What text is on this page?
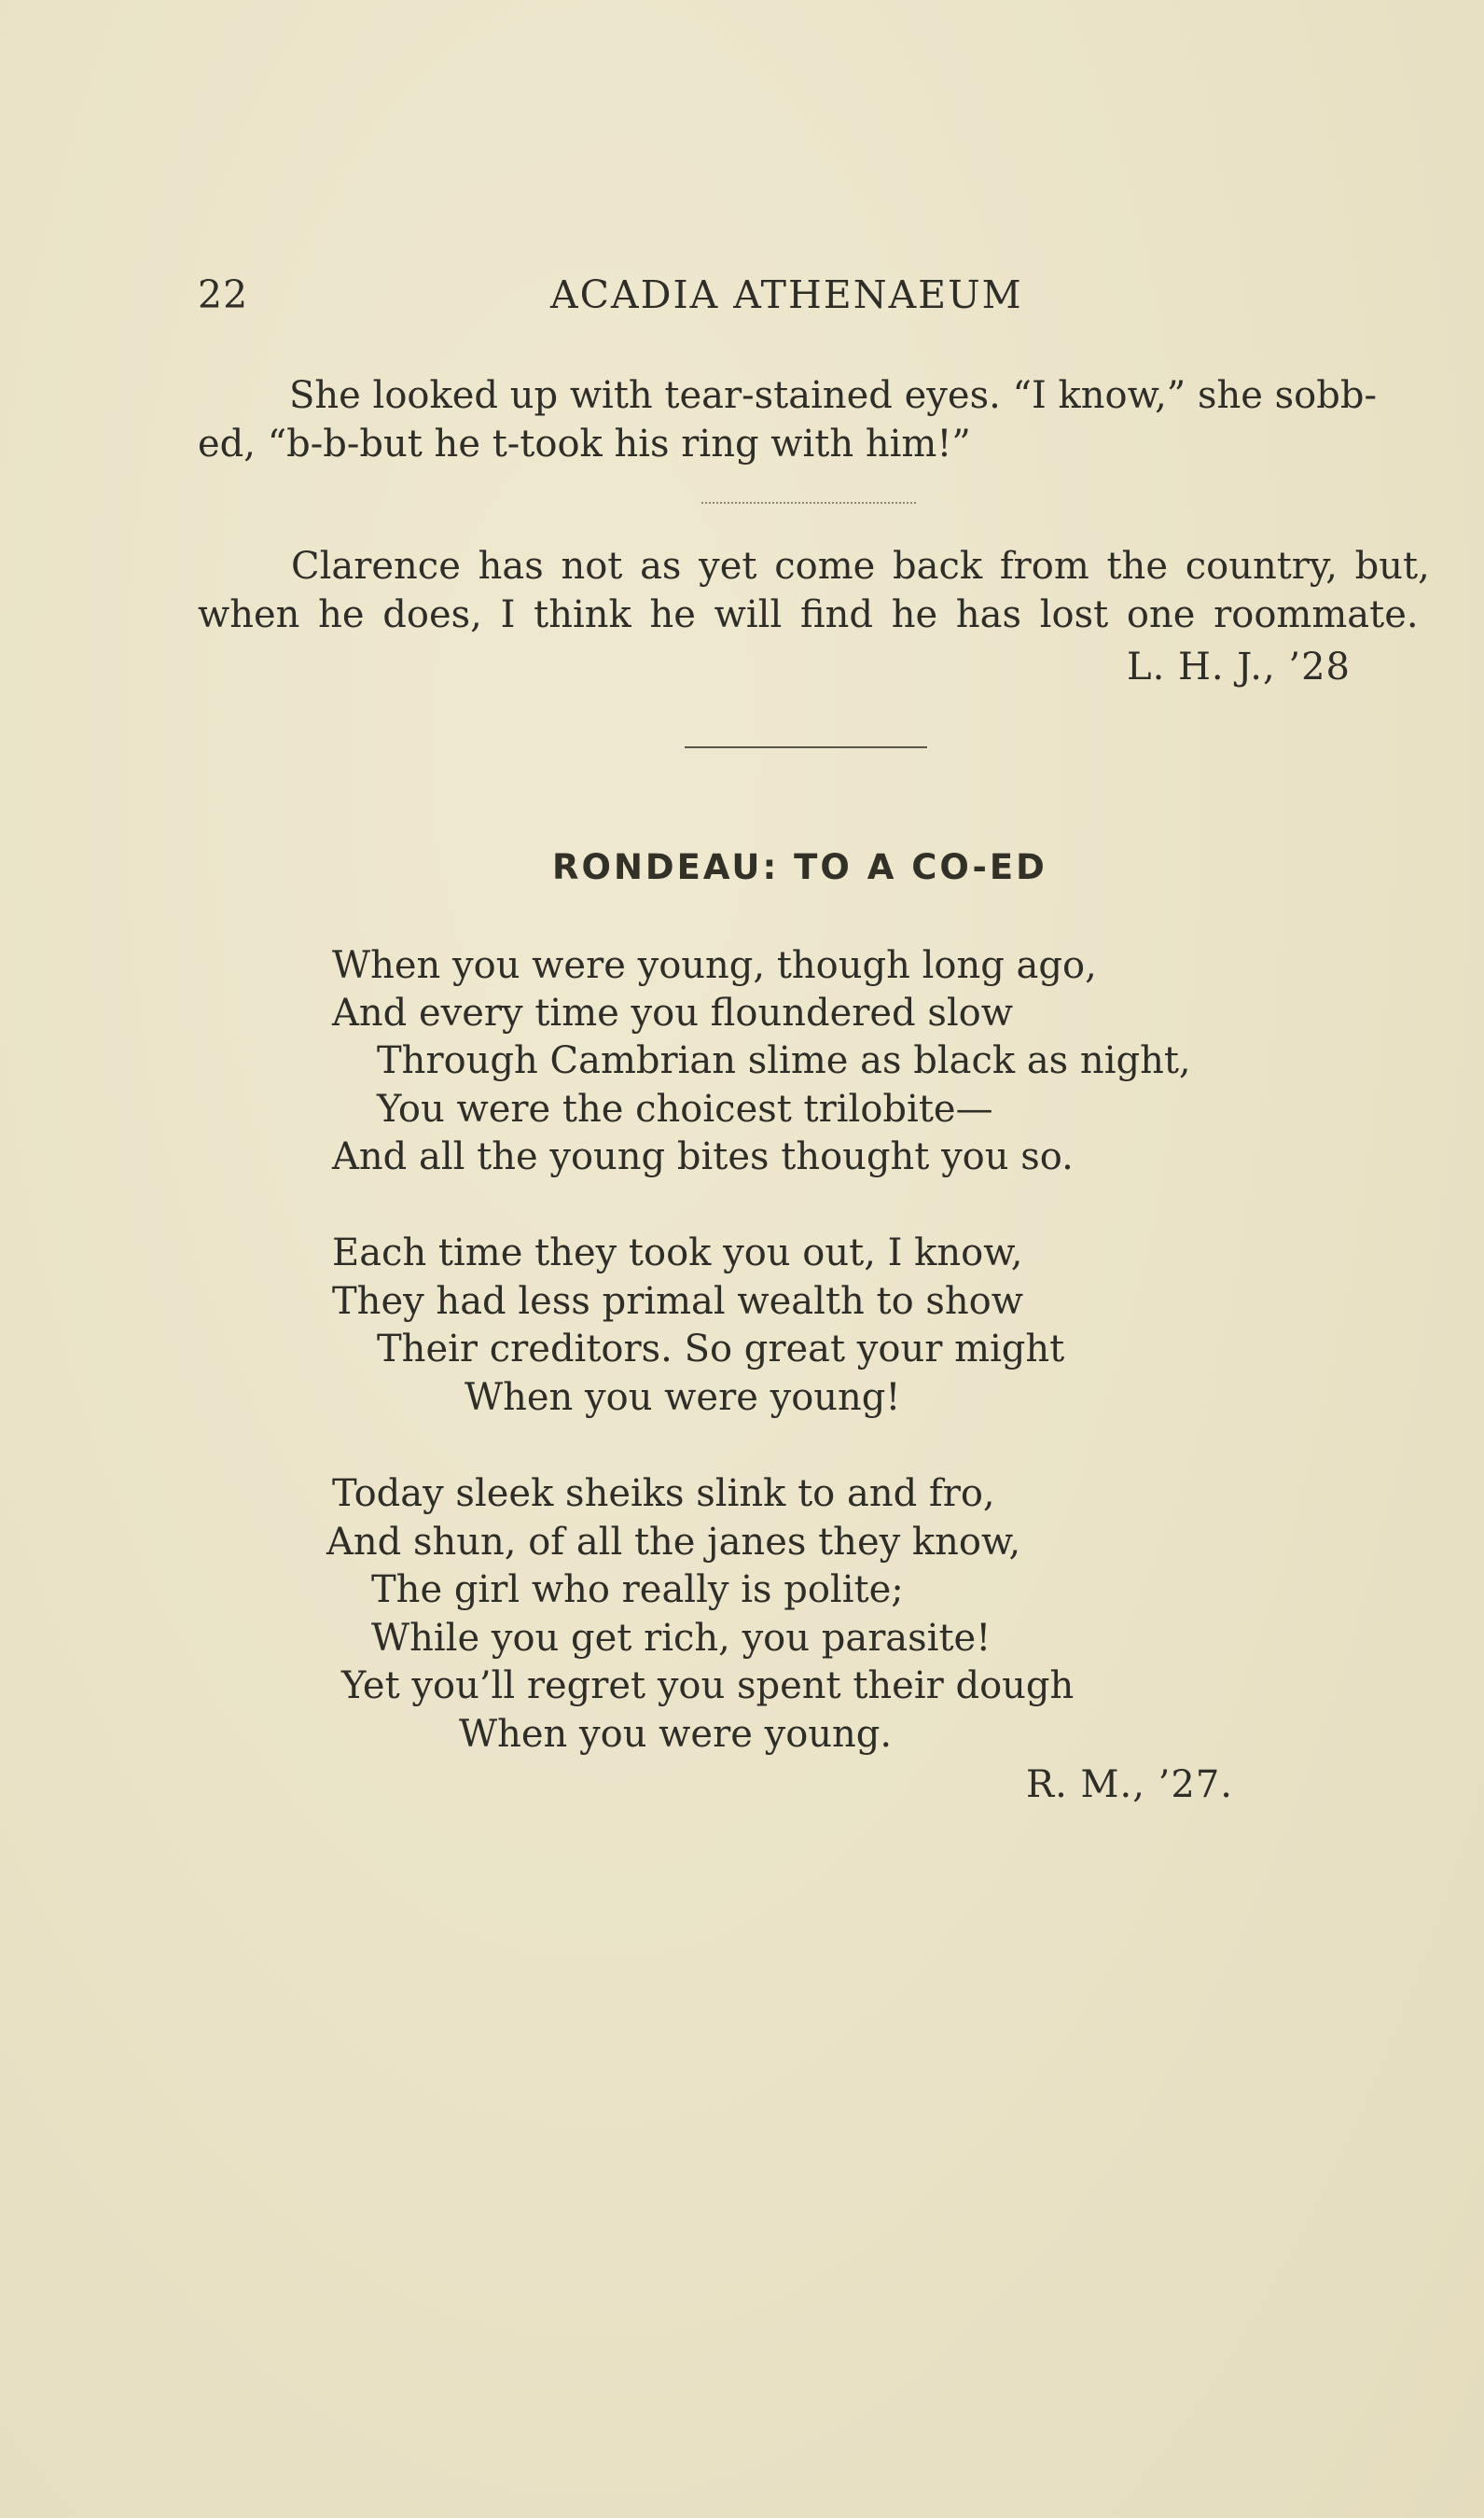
22	ACADIA ATHENAEUM
She looked up with tear-stained eyes. “I know,” she sobb-
ed, “b-b-but he t-took his ring with him!”
Clarence has not as yet come back from the country, but,
when he does, I think he will find he has lost one roommate.
L. H. J., ’28
RONDEAU: TO A CO-ED
When you were young, though long ago,
And every time you floundered slow
Through Cambrian slime as black as night,
You were the choicest trilobite—
And all the young bites thought you so.
Each time they took you out, I know,
They had less primal wealth to show
Their creditors. So great your might
When you were young!
Today sleek sheiks slink to and fro,
And shun, of all the janes they know,
The girl who really is polite;
While you get rich, you parasite!
Yet you’ll regret you spent their dough
When you were young.
R. M., ’27.
